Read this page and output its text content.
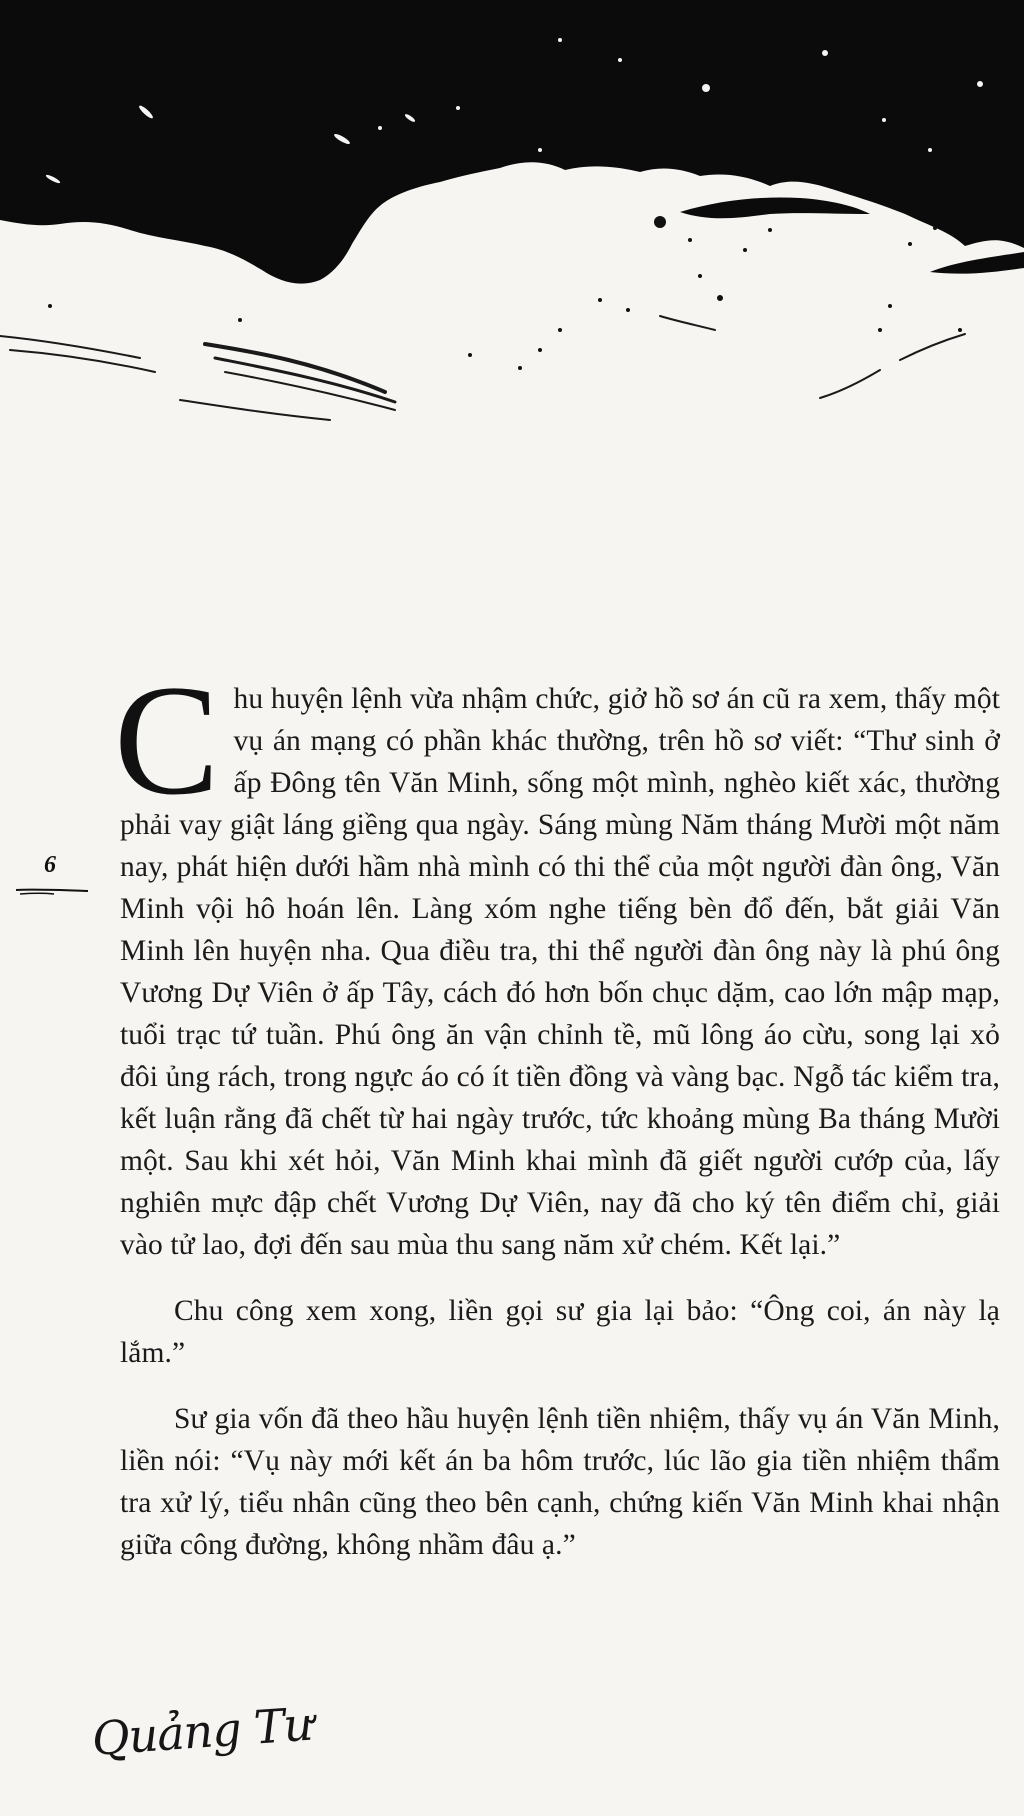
Chu huyện lệnh vừa nhậm chức, giở hồ sơ án cũ ra xem, thấy một vụ án mạng có phần khác thường, trên hồ sơ viết: “Thư sinh ở ấp Đông tên Văn Minh, sống một mình, nghèo kiết xác, thường phải vay giật láng giềng qua ngày. Sáng mùng Năm tháng Mười một năm nay, phát hiện dưới hầm nhà mình có thi thể của một người đàn ông, Văn Minh vội hô hoán lên. Làng xóm nghe tiếng bèn đổ đến, bắt giải Văn Minh lên huyện nha. Qua điều tra, thi thể người đàn ông này là phú ông Vương Dự Viên ở ấp Tây, cách đó hơn bốn chục dặm, cao lớn mập mạp, tuổi trạc tứ tuần. Phú ông ăn vận chỉnh tề, mũ lông áo cừu, song lại xỏ đôi ủng rách, trong ngực áo có ít tiền đồng và vàng bạc. Ngỗ tác kiểm tra, kết luận rằng đã chết từ hai ngày trước, tức khoảng mùng Ba tháng Mười một. Sau khi xét hỏi, Văn Minh khai mình đã giết người cướp của, lấy nghiên mực đập chết Vương Dự Viên, nay đã cho ký tên điểm chỉ, giải vào tử lao, đợi đến sau mùa thu sang năm xử chém. Kết lại.”

Chu công xem xong, liền gọi sư gia lại bảo: “Ông coi, án này lạ lắm.”

Sư gia vốn đã theo hầu huyện lệnh tiền nhiệm, thấy vụ án Văn Minh, liền nói: “Vụ này mới kết án ba hôm trước, lúc lão gia tiền nhiệm thẩm tra xử lý, tiểu nhân cũng theo bên cạnh, chứng kiến Văn Minh khai nhận giữa công đường, không nhầm đâu ạ.”

6
Quảng Tư
